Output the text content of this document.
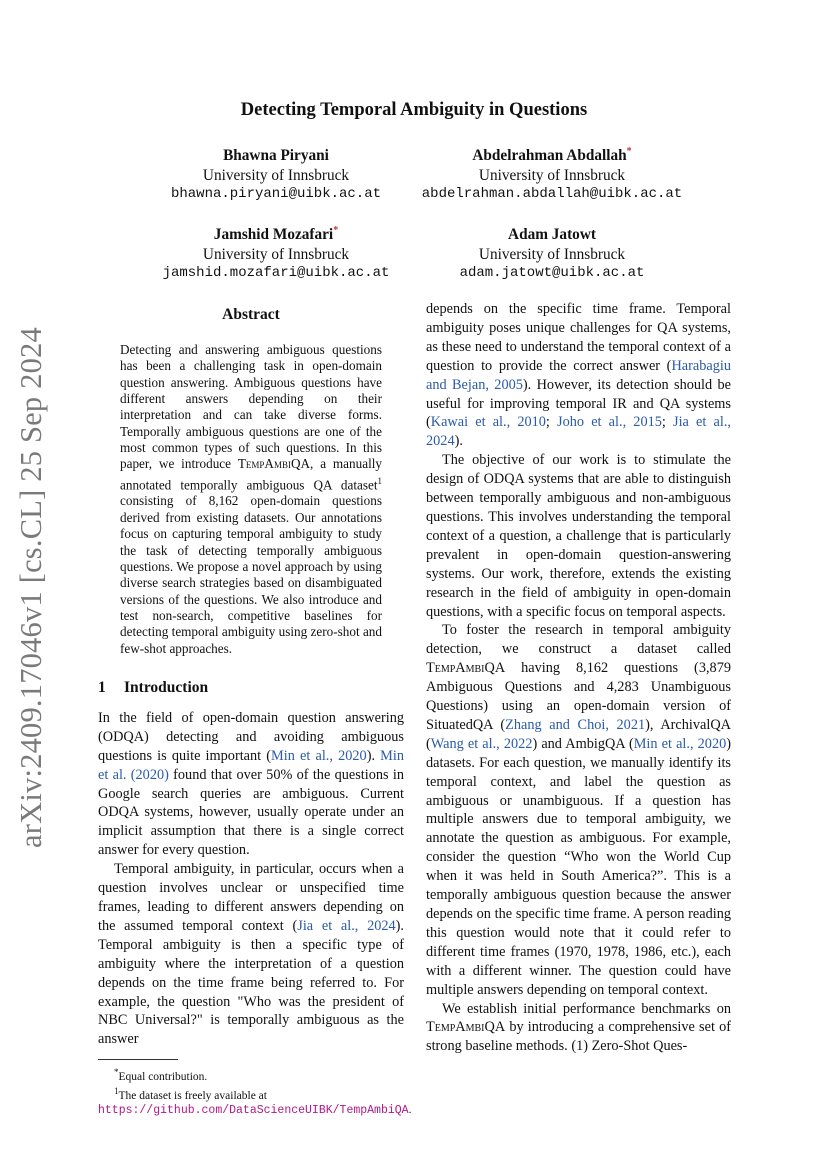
arXiv:2409.17046v1 [cs.CL] 25 Sep 2024
Detecting Temporal Ambiguity in Questions
Bhawna Piryani
University of Innsbruck
bhawna.piryani@uibk.ac.at
Abdelrahman Abdallah*
University of Innsbruck
abdelrahman.abdallah@uibk.ac.at
Jamshid Mozafari*
University of Innsbruck
jamshid.mozafari@uibk.ac.at
Adam Jatowt
University of Innsbruck
adam.jatowt@uibk.ac.at
Abstract

Detecting and answering ambiguous questions has been a challenging task in open-domain question answering. Ambiguous questions have different answers depending on their interpretation and can take diverse forms. Temporally ambiguous questions are one of the most common types of such questions. In this paper, we introduce TempAmbiQA, a manually annotated temporally ambiguous QA dataset$^1$ consisting of 8,162 open-domain questions derived from existing datasets. Our annotations focus on capturing temporal ambiguity to study the task of detecting temporally ambiguous questions. We propose a novel approach by using diverse search strategies based on disambiguated versions of the questions. We also introduce and test non-search, competitive baselines for detecting temporal ambiguity using zero-shot and few-shot approaches.

1 Introduction

In the field of open-domain question answering (ODQA) detecting and avoiding ambiguous questions is quite important (Min et al., 2020). Min et al. (2020) found that over 50% of the questions in Google search queries are ambiguous. Current ODQA systems, however, usually operate under an implicit assumption that there is a single correct answer for every question.

Temporal ambiguity, in particular, occurs when a question involves unclear or unspecified time frames, leading to different answers depending on the assumed temporal context (Jia et al., 2024). Temporal ambiguity is then a specific type of ambiguity where the interpretation of a question depends on the time frame being referred to. For example, the question "Who was the president of NBC Universal?" is temporally ambiguous as the answer

*Equal contribution.

$^1$The dataset is freely available at https://github.com/DataScienceUIBK/TempAmbiQA.

depends on the specific time frame. Temporal ambiguity poses unique challenges for QA systems, as these need to understand the temporal context of a question to provide the correct answer (Harabagiu and Bejan, 2005). However, its detection should be useful for improving temporal IR and QA systems (Kawai et al., 2010; Joho et al., 2015; Jia et al., 2024).

The objective of our work is to stimulate the design of ODQA systems that are able to distinguish between temporally ambiguous and non-ambiguous questions. This involves understanding the temporal context of a question, a challenge that is particularly prevalent in open-domain question-answering systems. Our work, therefore, extends the existing research in the field of ambiguity in open-domain questions, with a specific focus on temporal aspects.

To foster the research in temporal ambiguity detection, we construct a dataset called TempAmbiQA having 8,162 questions (3,879 Ambiguous Questions and 4,283 Unambiguous Questions) using an open-domain version of SituatedQA (Zhang and Choi, 2021), ArchivalQA (Wang et al., 2022) and AmbigQA (Min et al., 2020) datasets. For each question, we manually identify its temporal context, and label the question as ambiguous or unambiguous. If a question has multiple answers due to temporal ambiguity, we annotate the question as ambiguous. For example, consider the question “Who won the World Cup when it was held in South America?”. This is a temporally ambiguous question because the answer depends on the specific time frame. A person reading this question would note that it could refer to different time frames (1970, 1978, 1986, etc.), each with a different winner. The question could have multiple answers depending on temporal context.

We establish initial performance benchmarks on TempAmbiQA by introducing a comprehensive set of strong baseline methods. (1) Zero-Shot Ques-
